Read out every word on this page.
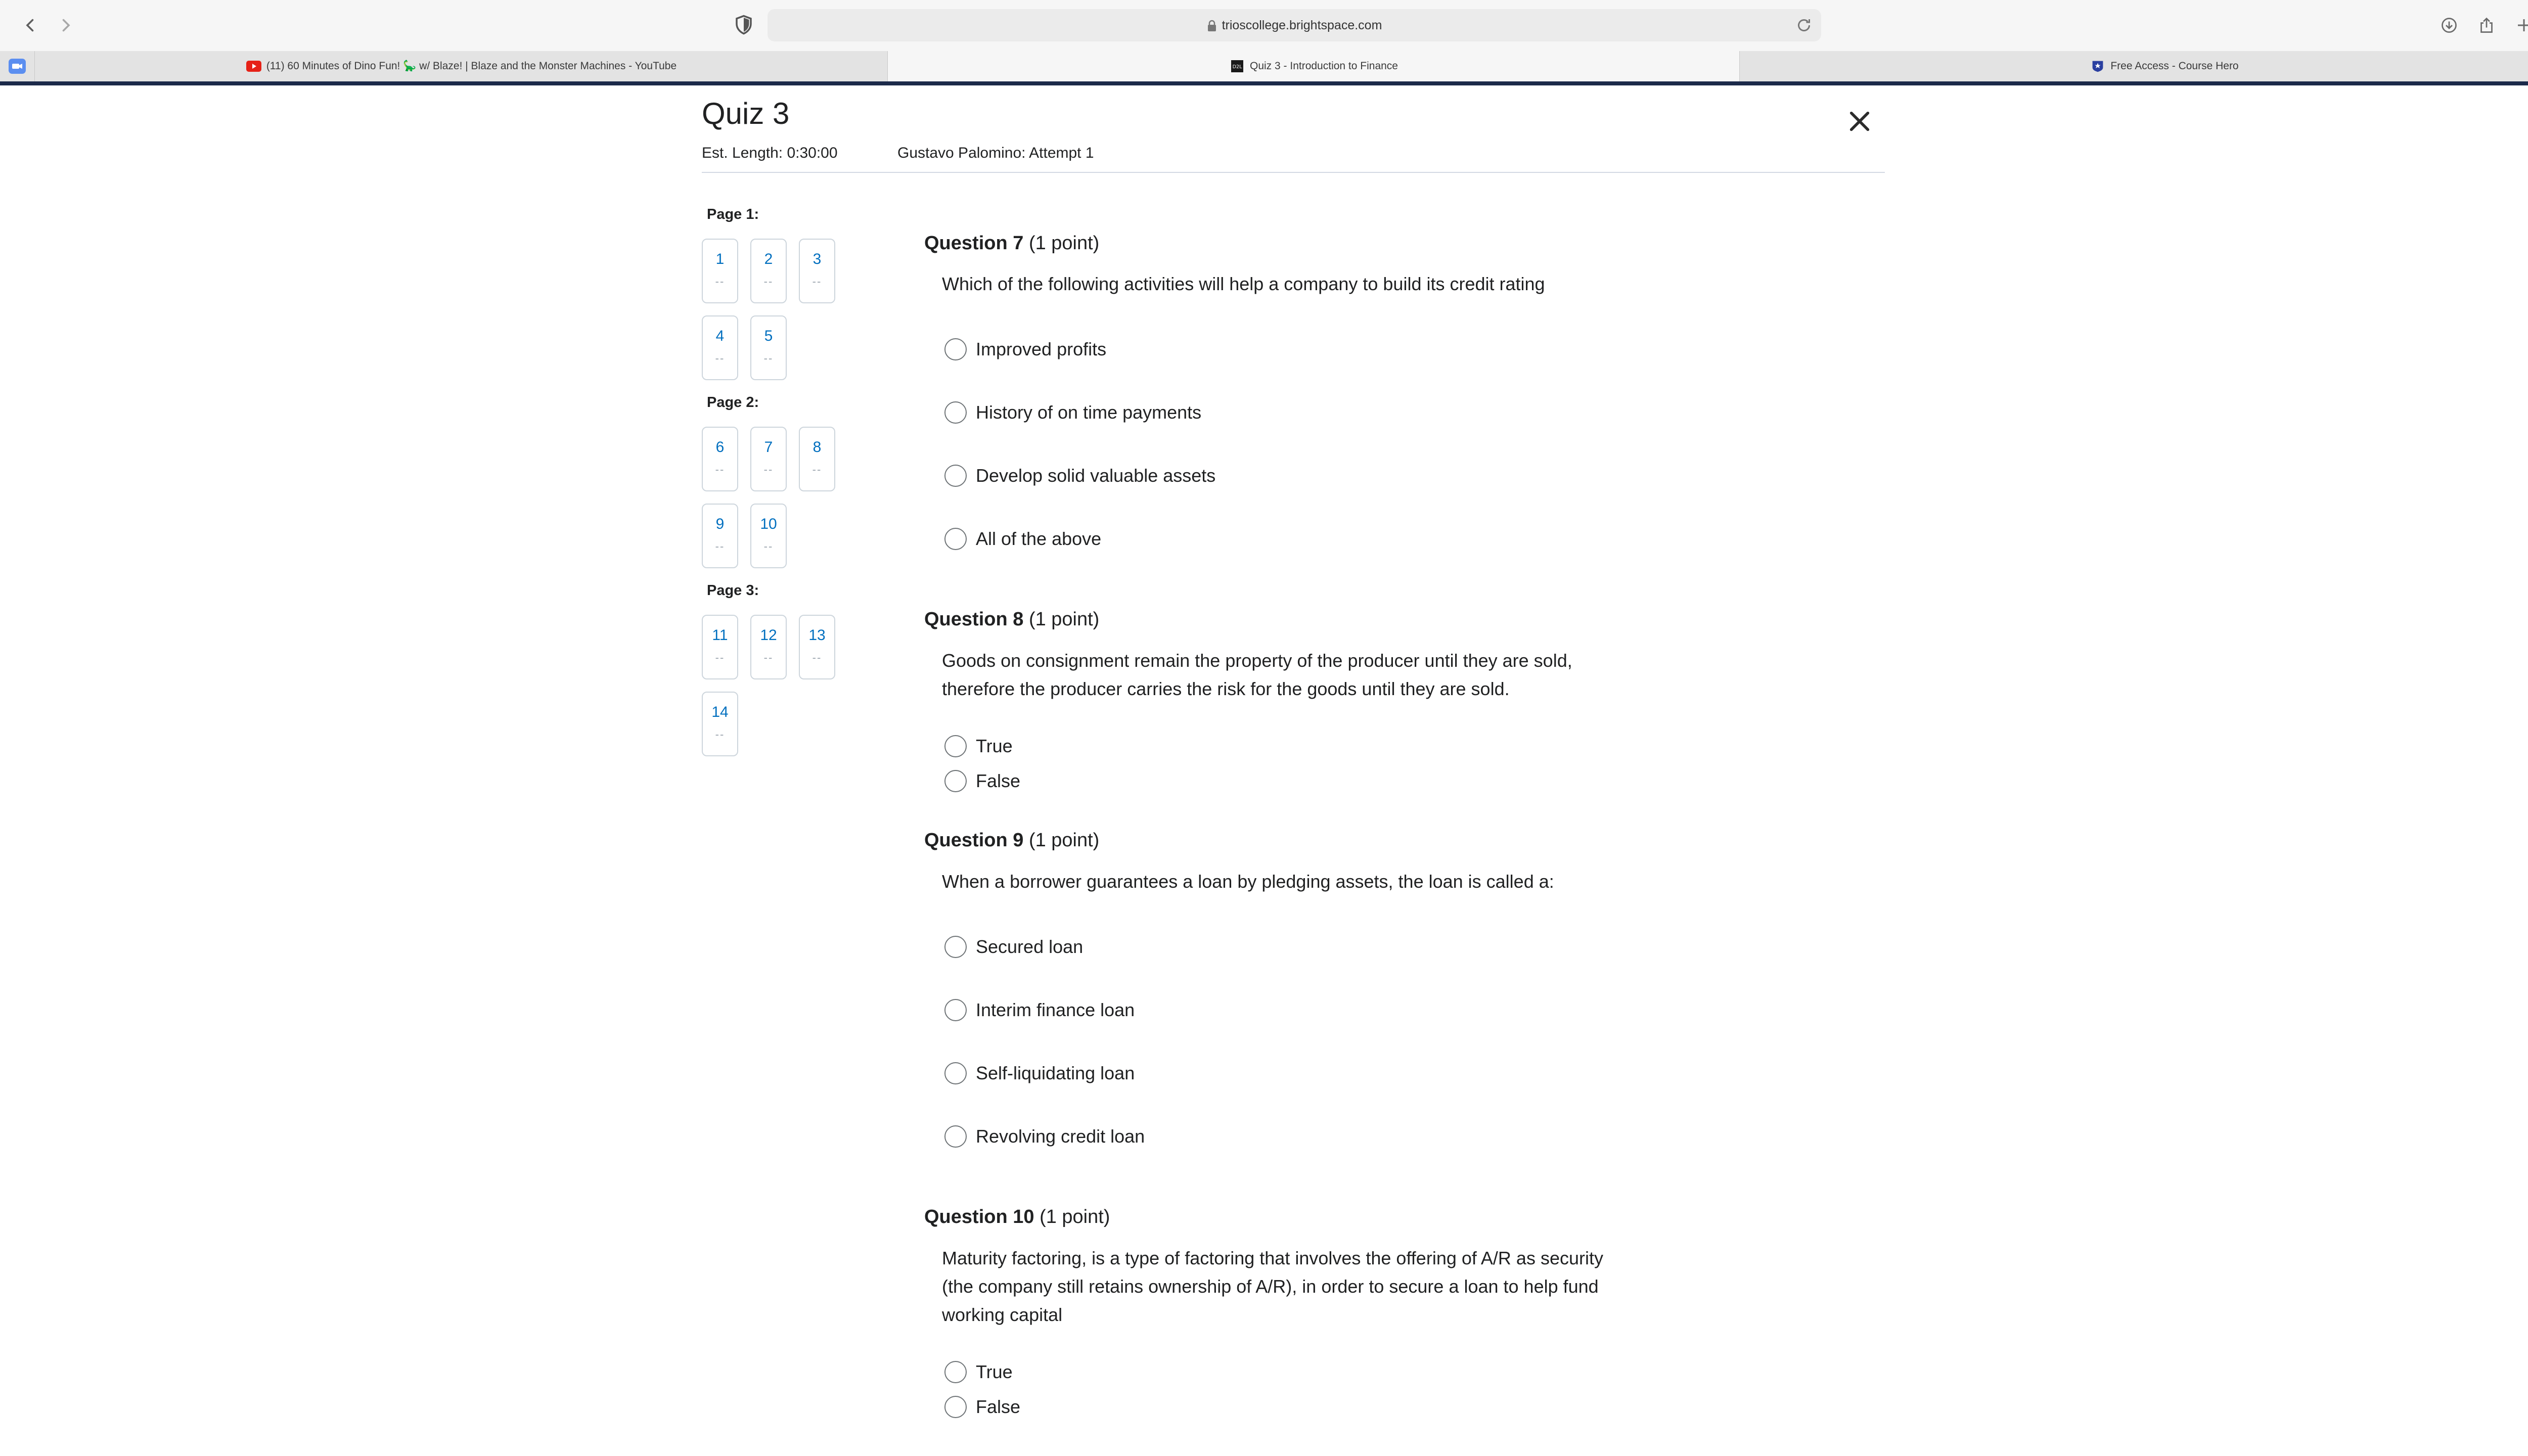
trioscollege.brightspace.com
(11) 60 Minutes of Dino Fun! 🦕 w/ Blaze! | Blaze and the Monster Machines - YouTube	D2L Quiz 3 - Introduction to Finance	Free Access - Course Hero
Quiz 3
Est. Length: 0:30:00	Gustavo Palomino: Attempt 1
Page 1:
1
--
2
--
3
--
4
--
5
--
Page 2:
6
--
7
--
8
--
9
--
10
--
Page 3:
11
--
12
--
13
--
14
--
Question 7 (1 point)
Which of the following activities will help a company to build its credit rating
Improved profits
History of on time payments
Develop solid valuable assets
All of the above
Question 8 (1 point)
Goods on consignment remain the property of the producer until they are sold,
therefore the producer carries the risk for the goods until they are sold.
True
False
Question 9 (1 point)
When a borrower guarantees a loan by pledging assets, the loan is called a:
Secured loan
Interim finance loan
Self-liquidating loan
Revolving credit loan
Question 10 (1 point)
Maturity factoring, is a type of factoring that involves the offering of A/R as security
(the company still retains ownership of A/R), in order to secure a loan to help fund
working capital
True
False
